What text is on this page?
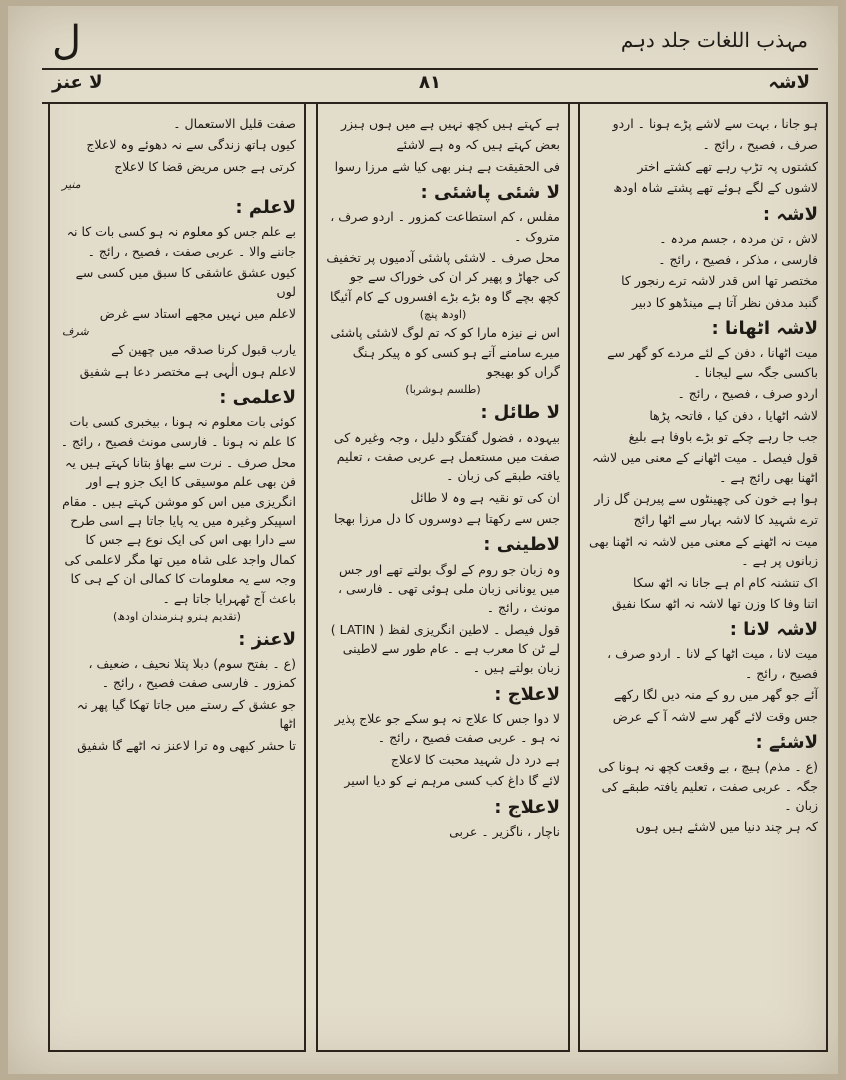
ل	مہذب اللغات جلد دہم
لا عنز	۸۱	لاشہ

ہو جانا ، بہت سے لاشے پڑے ہونا ۔ اردو

صرف ، فصیح ، رائج ۔

کشتوں پہ تڑپ رہے تھے کشتے اختر

لاشوں کے لگے ہوئے تھے پشتے شاہ اودھ

لاشہ :

لاش ، تن مردہ ، جسم مردہ ۔

فارسی ، مذکر ، فصیح ، رائج ۔

مختصر تھا اس قدر لاشہ ترے رنجور کا

گنبد مدفن نظر آتا ہے مینڈھو کا دبیر

لاشہ اٹھانا :

میت اٹھانا ، دفن کے لئے مردے کو گھر سے باکسی جگہ سے لیجانا ۔

اردو صرف ، فصیح ، رائج ۔

لاشہ اٹھایا ، دفن کیا ، فاتحہ پڑھا

جب جا رہے چکے تو بڑے باوفا ہے بلیغ

قول فیصل ۔ میت اٹھانے کے معنی میں لاشہ اٹھنا بھی رائج ہے ۔

ہوا ہے خون کی چھینٹوں سے پیرہن گل زار

ترے شہید کا لاشہ بہار سے اٹھا رائج

میت نہ اٹھنے کے معنی میں لاشہ نہ اٹھنا بھی زبانوں پر ہے ۔

اک تنشنہ کام ام ہے جانا نہ اٹھ سکا

اتنا وفا کا وزن تھا لاشہ نہ اٹھ سکا نفیق

لاشہ لانا :

میت لانا ، میت اٹھا کے لانا ۔ اردو صرف ، فصیح ، رائج ۔

آئے جو گھر میں رو کے منہ دیں لگا رکھے

جس وقت لائے گھر سے لاشہ آ کے عرض

لاشئے :

(ع ۔ مذم) ہیچ ، بے وقعت کچھ نہ ہونا کی جگہ ۔ عربی صفت ، تعلیم یافتہ طبقے کی زبان ۔

کہ ہر چند دنیا میں لاشئے ہیں ہوں

ہے کہتے ہیں کچھ نہیں ہے میں ہوں ہبزر

بعض کہتے ہیں کہ وہ ہے لاشئے

فی الحقیقت ہے ہنر بھی کیا شے مرزا رسوا

لا شئی پاشئی :

مفلس ، کم استطاعت کمزور ۔ اردو صرف ، متروک ۔

محل صرف ۔ لاشئی پاشئی آدمیوں پر تخفیف کی جھاڑ و پھیر کر ان کی خوراک سے جو کچھ بچے گا وہ بڑے بڑے افسروں کے کام آئیگا

(اودھ پنچ)

اس نے نیزہ مارا کو کہ تم لوگ لاشئی پاشئی میرے سامنے آتے ہو کسی کو ہ پیکر ہنگ گراں کو بھیجو

(طلسم ہوشربا)

لا طائل :

بیہودہ ، فضول گفتگو دلیل ، وجہ وغیرہ کی صفت میں مستعمل ہے عربی صفت ، تعلیم یافتہ طبقے کی زبان ۔

ان کی تو نقیہ ہے وہ لا طائل

جس سے رکھتا ہے دوسروں کا دل مرزا بھجا

لاطینی :

وہ زبان جو روم کے لوگ بولتے تھے اور جس میں یونانی زبان ملی ہوئی تھی ۔ فارسی ، مونث ، رائج ۔

قول فیصل ۔ لاطین انگریزی لفظ ( LATIN ) لے ٹن کا معرب ہے ۔ عام طور سے لاطینی زبان بولتے ہیں ۔

لاعلاج :

لا دوا جس کا علاج نہ ہو سکے جو علاج پذیر نہ ہو ۔ عربی صفت فصیح ، رائج ۔

ہے درد دل شہید محبت کا لاعلاج

لائے گا داغ کب کسی مرہم نے کو دیا اسیر

لاعلاج :

ناچار ، ناگزیر ۔ عربی

صفت قلیل الاستعمال ۔

کیوں ہاتھ زندگی سے نہ دھوئے وہ لاعلاج

کرتی ہے جس مریض قضا کا لاعلاج

منیر

لاعلم :

بے علم جس کو معلوم نہ ہو کسی بات کا نہ جاننے والا ۔ عربی صفت ، فصیح ، رائج ۔

کیوں عشق عاشقی کا سبق میں کسی سے لوں

لاعلم میں نہیں مجھے استاد سے غرض

شرف

یارب قبول کرنا صدقہ میں چھین کے

لاعلم ہوں الٰہی ہے مختصر دعا ہے شفیق

لاعلمی :

کوئی بات معلوم نہ ہونا ، بیخبری کسی بات کا علم نہ ہونا ۔ فارسی مونث فصیح ، رائج ۔

محل صرف ۔ نرت سے بھاؤ بتانا کہتے ہیں یہ فن بھی علم موسیقی کا ایک جزو ہے اور انگریزی میں اس کو موشن کہتے ہیں ۔ مقام اسپیکر وغیرہ میں یہ پایا جاتا ہے اسی طرح سے دارا بھی اس کی ایک نوع ہے جس کا کمال واجد علی شاہ میں تھا مگر لاعلمی کی وجہ سے یہ معلومات کا کمالی ان کے ہی کا باعث آج ٹھہرایا جاتا ہے ۔

(تقدیم ہنرو ہنرمندان اودھ)

لاعنز :

(ع ۔ بفتح سوم) دبلا پتلا نحیف ، ضعیف ، کمزور ۔ فارسی صفت فصیح ، رائج ۔

جو عشق کے رستے میں جاتا تھکا گیا پھر نہ اٹھا

تا حشر کبھی وہ ترا لاعنز نہ اٹھے گا شفیق
